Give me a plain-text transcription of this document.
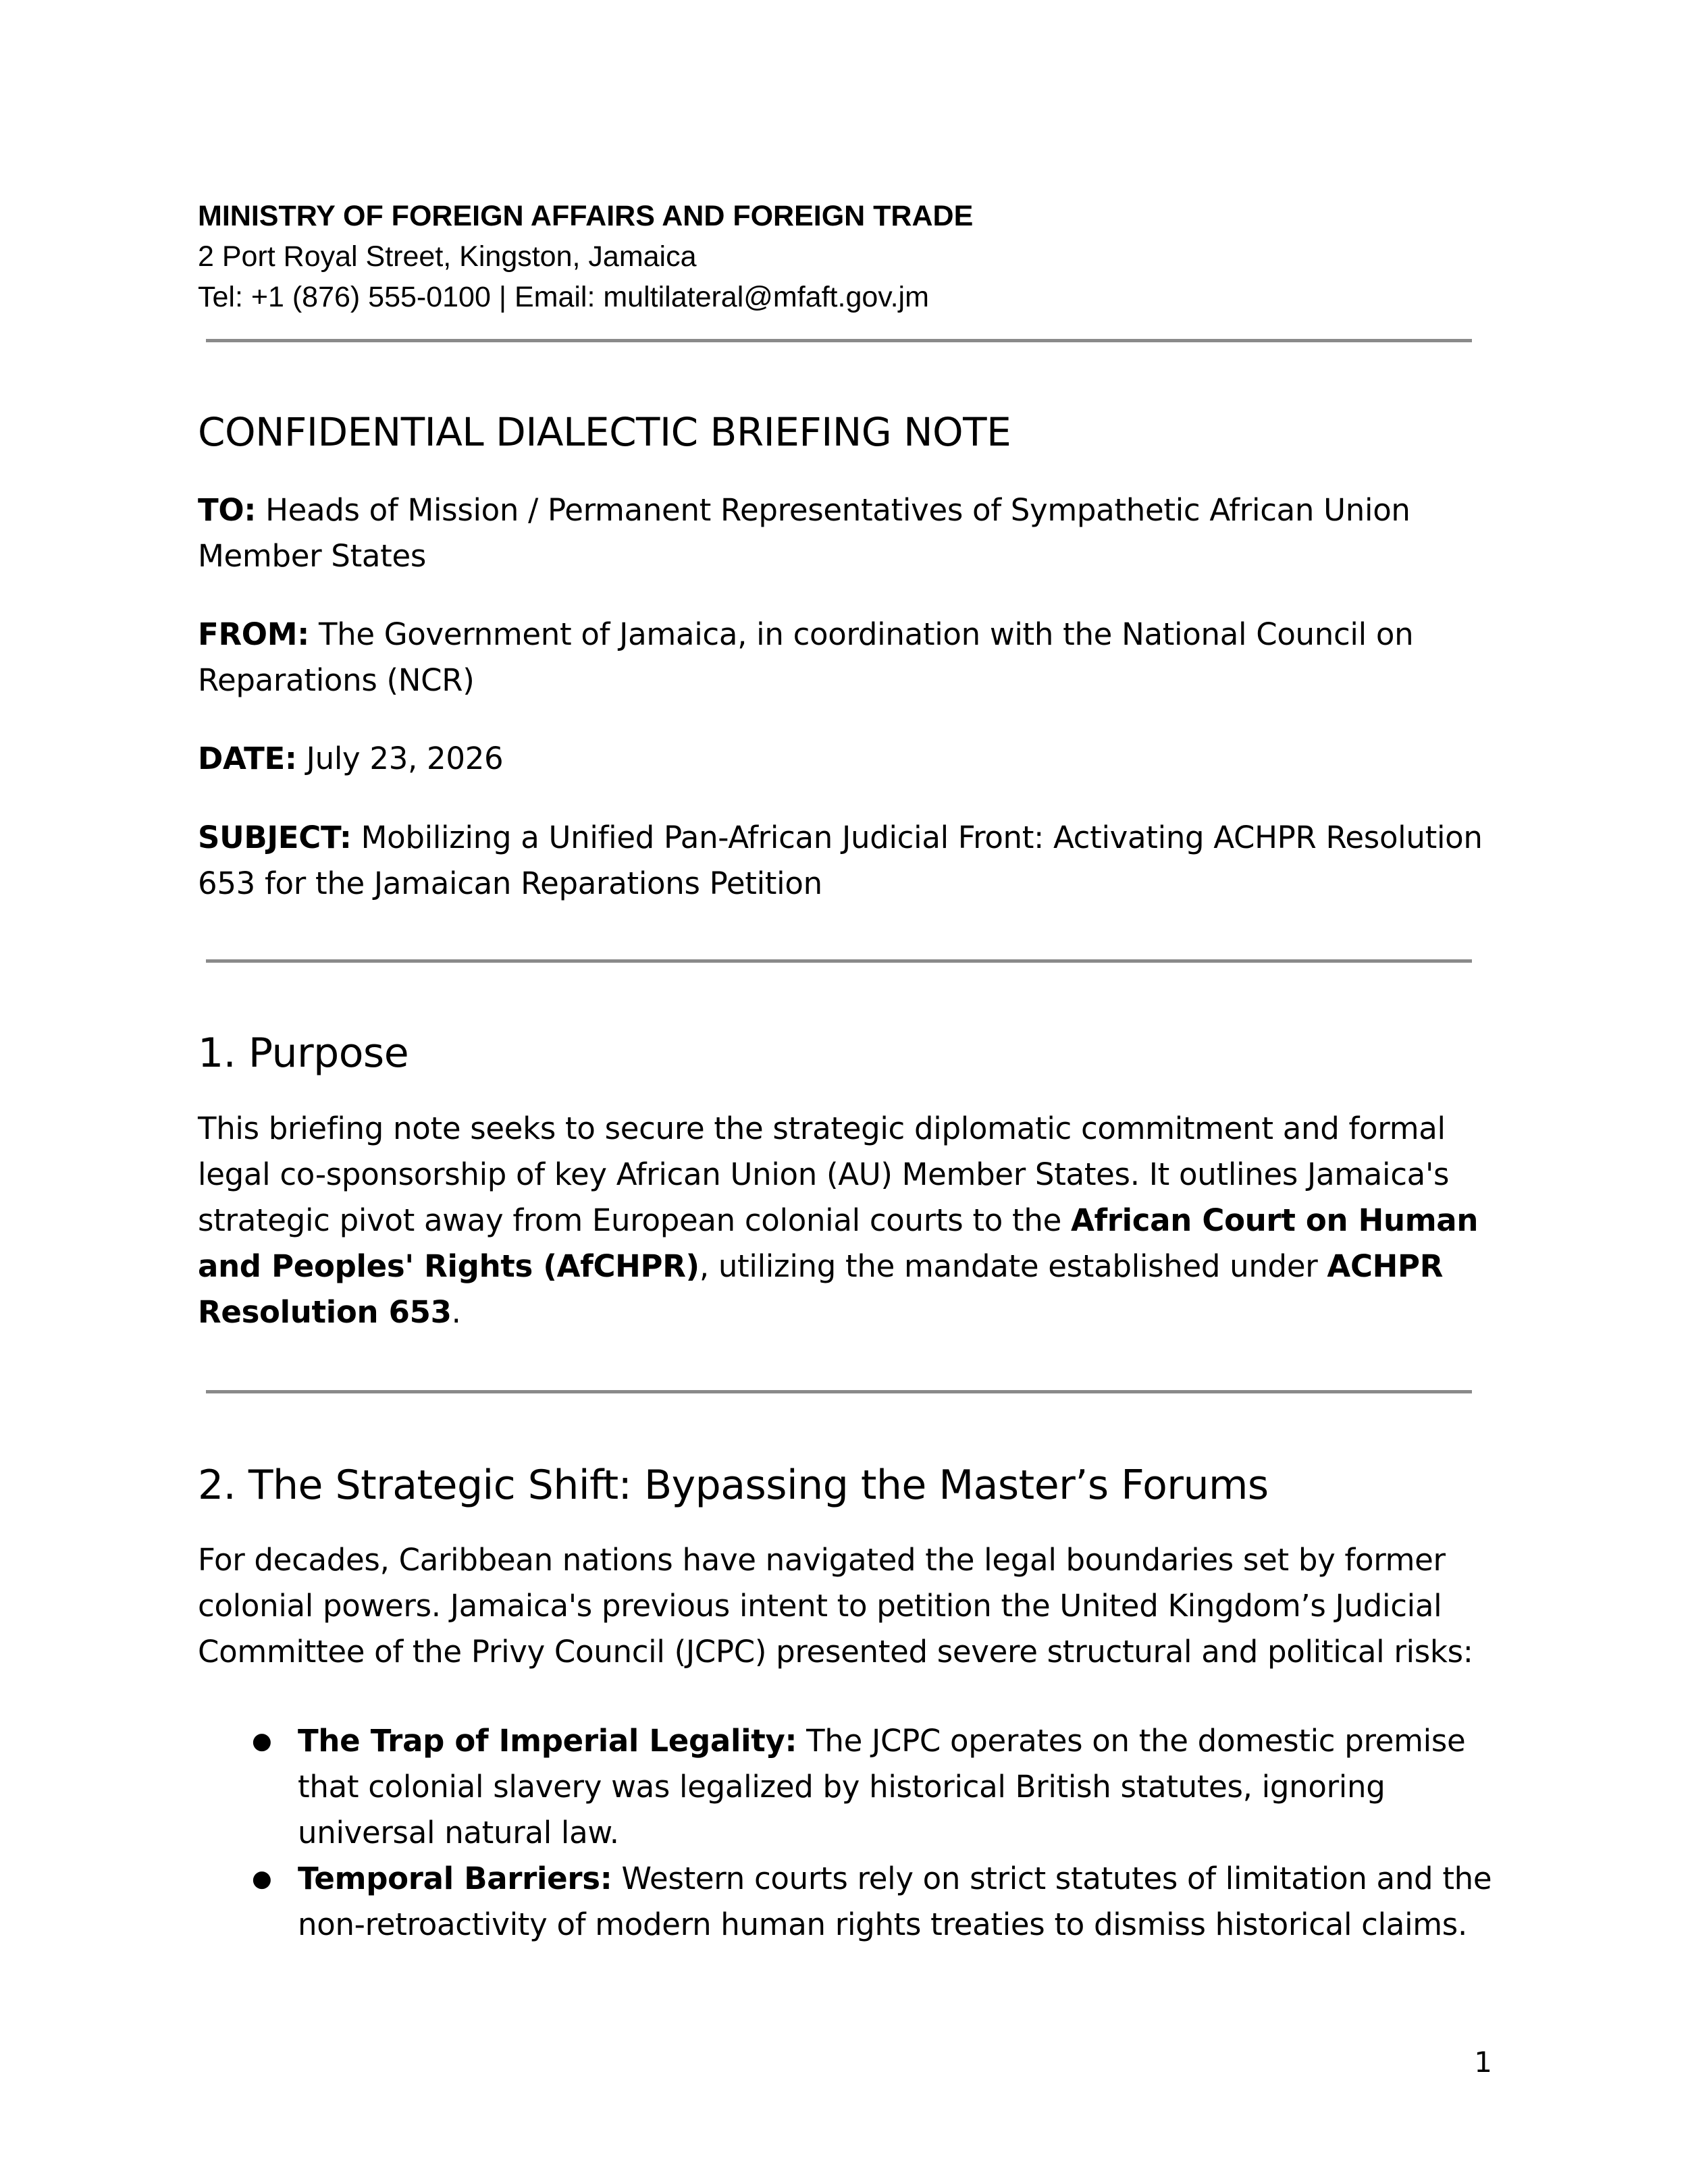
MINISTRY OF FOREIGN AFFAIRS AND FOREIGN TRADE
2 Port Royal Street, Kingston, Jamaica
Tel: +1 (876) 555-0100 | Email: multilateral@mfaft.gov.jm
CONFIDENTIAL DIALECTIC BRIEFING NOTE
TO: Heads of Mission / Permanent Representatives of Sympathetic African Union Member States
FROM: The Government of Jamaica, in coordination with the National Council on Reparations (NCR)
DATE: July 23, 2026
SUBJECT: Mobilizing a Unified Pan-African Judicial Front: Activating ACHPR Resolution 653 for the Jamaican Reparations Petition
1. Purpose
This briefing note seeks to secure the strategic diplomatic commitment and formal legal co-sponsorship of key African Union (AU) Member States. It outlines Jamaica's strategic pivot away from European colonial courts to the African Court on Human and Peoples' Rights (AfCHPR), utilizing the mandate established under ACHPR Resolution 653.
2. The Strategic Shift: Bypassing the Master’s Forums
For decades, Caribbean nations have navigated the legal boundaries set by former colonial powers. Jamaica's previous intent to petition the United Kingdom’s Judicial Committee of the Privy Council (JCPC) presented severe structural and political risks:
● The Trap of Imperial Legality: The JCPC operates on the domestic premise that colonial slavery was legalized by historical British statutes, ignoring universal natural law.
● Temporal Barriers: Western courts rely on strict statutes of limitation and the non-retroactivity of modern human rights treaties to dismiss historical claims.
1
